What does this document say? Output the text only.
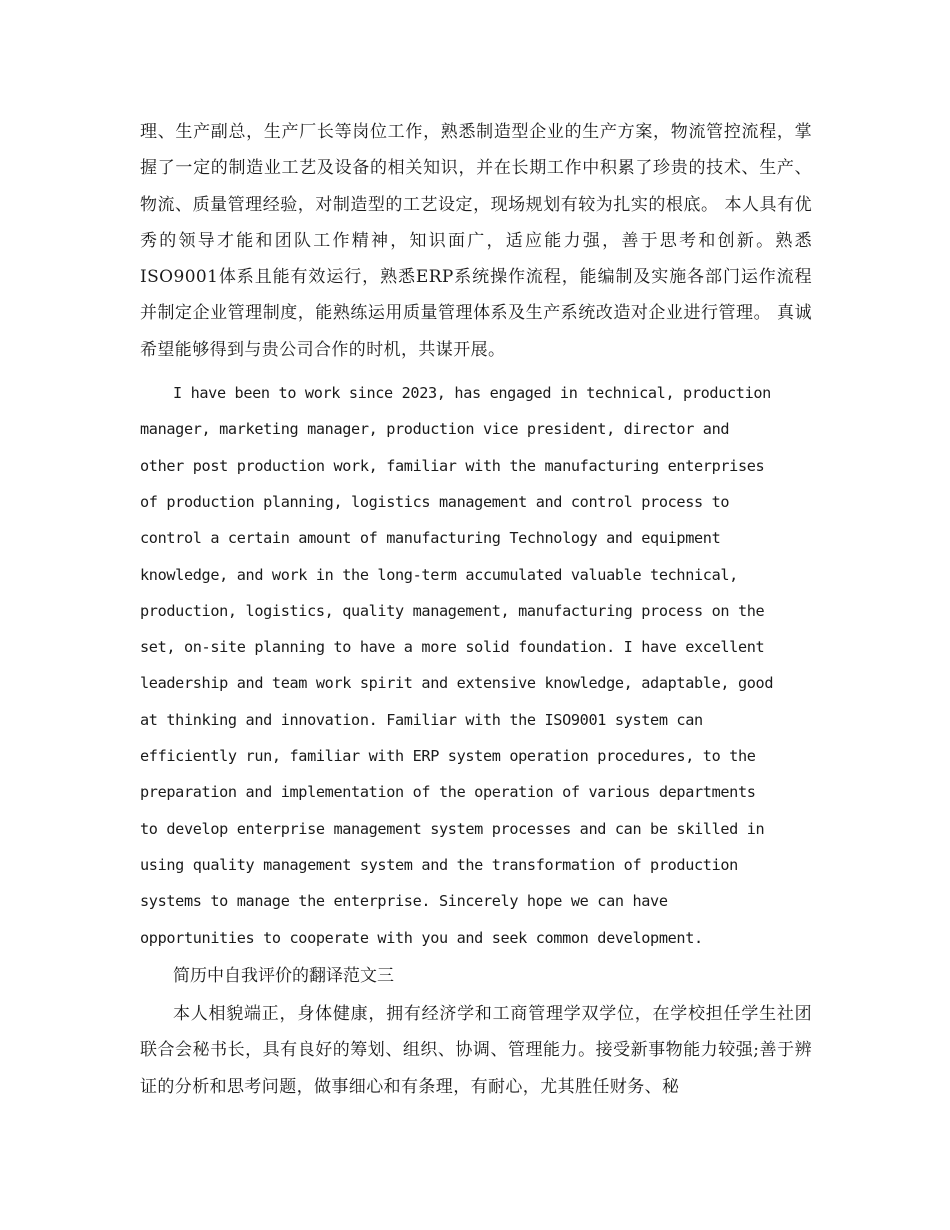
理、生产副总，生产厂长等岗位工作，熟悉制造型企业的生产方案，物流管控流程，掌握了一定的制造业工艺及设备的相关知识，并在长期工作中积累了珍贵的技术、生产、物流、质量管理经验，对制造型的工艺设定，现场规划有较为扎实的根底。 本人具有优秀的领导才能和团队工作精神，知识面广，适应能力强，善于思考和创新。熟悉ISO9001体系且能有效运行，熟悉ERP系统操作流程，能编制及实施各部门运作流程并制定企业管理制度，能熟练运用质量管理体系及生产系统改造对企业进行管理。 真诚希望能够得到与贵公司合作的时机，共谋开展。

I have been to work since 2023, has engaged in technical, production
manager, marketing manager, production vice president, director and
other post production work, familiar with the manufacturing enterprises
of production planning, logistics management and control process to
control a certain amount of manufacturing Technology and equipment
knowledge, and work in the long-term accumulated valuable technical,
production, logistics, quality management, manufacturing process on the
set, on-site planning to have a more solid foundation. I have excellent
leadership and team work spirit and extensive knowledge, adaptable, good
at thinking and innovation. Familiar with the ISO9001 system can
efficiently run, familiar with ERP system operation procedures, to the
preparation and implementation of the operation of various departments
to develop enterprise management system processes and can be skilled in
using quality management system and the transformation of production
systems to manage the enterprise. Sincerely hope we can have
opportunities to cooperate with you and seek common development.

简历中自我评价的翻译范文三

本人相貌端正，身体健康，拥有经济学和工商管理学双学位，在学校担任学生社团联合会秘书长，具有良好的筹划、组织、协调、管理能力。接受新事物能力较强;善于辨证的分析和思考问题，做事细心和有条理，有耐心，尤其胜任财务、秘
